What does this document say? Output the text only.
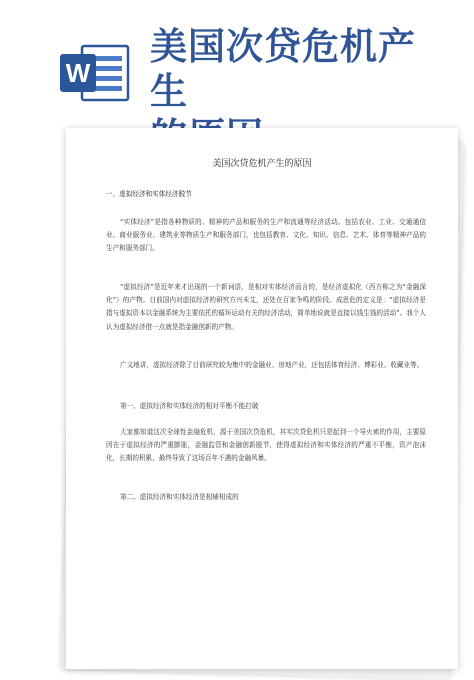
W
美国次贷危机产生
美国次贷危机产生的原因

一、虚拟经济和实体经济脱节

“实体经济”是指各种物质的、精神的产品和服务的生产和流通等经济活动。包括农业、工业、交通通信业、商业服务业、建筑业等物质生产和服务部门，也包括教育、文化、知识、信息、艺术、体育等精神产品的生产和服务部门。

“虚拟经济”是近年来才出现的一个新词语，是相对实体经济而言的，是经济虚拟化（西方称之为“金融深化”）的产物。目前国内对虚拟经济的研究方兴未艾，还处在百家争鸣的阶段。成思危的定义是：“虚拟经济是指与虚拟资本以金融系统为主要依托的循环运动有关的经济活动，简单地说就是直接以钱生钱的活动”。我个人认为虚拟经济借一点就是指金融创新的产物。

广义地讲，虚拟经济除了目前研究较为集中的金融业、房地产业，还包括体育经济、博彩业、收藏业等。

第一、虚拟经济和实体经济的相对平衡不能打破

大家都知道这次全球性金融危机，源于美国次贷危机，其实次贷危机只是起到一个导火索的作用，主要原因在于虚拟经济的严重膨胀，金融监管和金融创新脱节，使得虚拟经济和实体经济的严重不平衡，资产泡沫化，长期的积累，最终导致了这场百年不遇的金融风暴。

第二、虚拟经济和实体经济是相辅相成的
